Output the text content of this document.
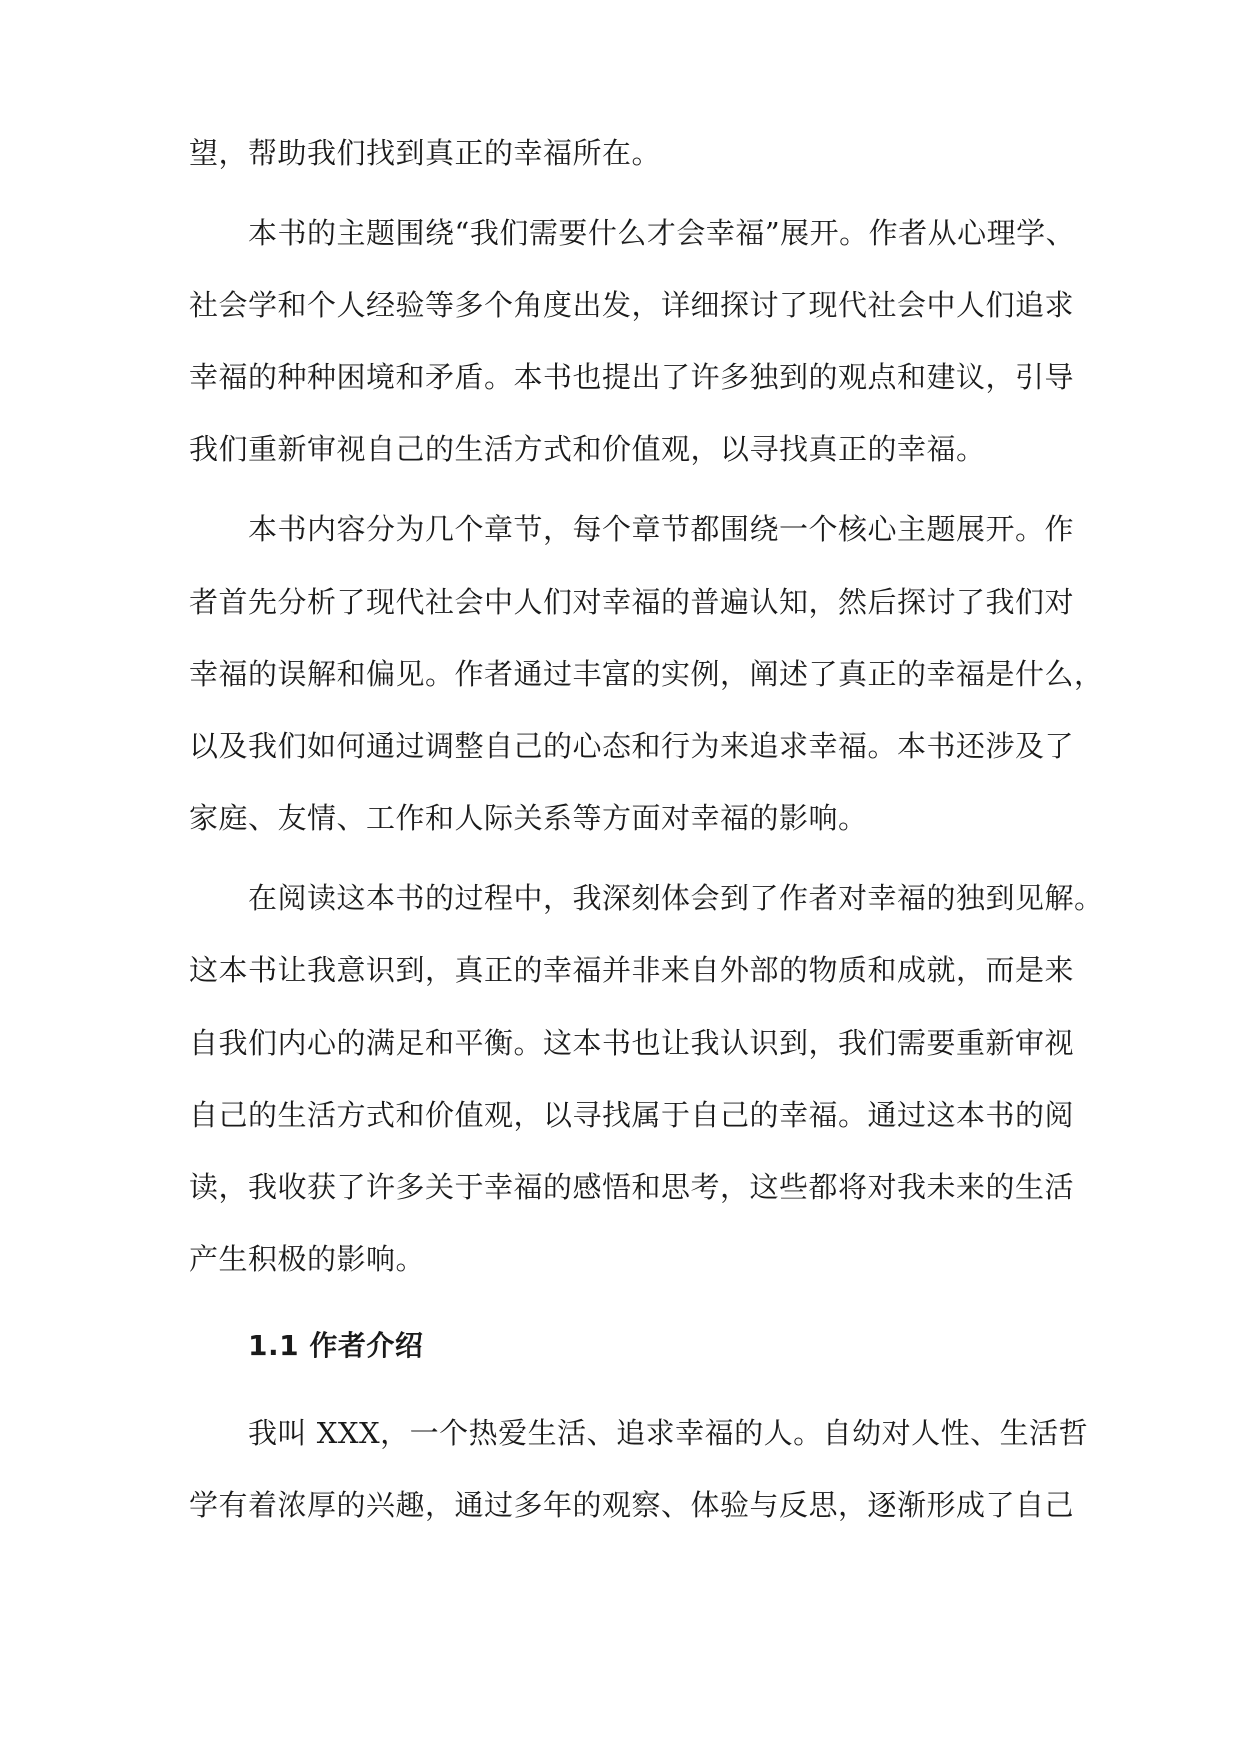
望，帮助我们找到真正的幸福所在。
本书的主题围绕“我们需要什么才会幸福”展开。作者从心理学、
社会学和个人经验等多个角度出发，详细探讨了现代社会中人们追求
幸福的种种困境和矛盾。本书也提出了许多独到的观点和建议，引导
我们重新审视自己的生活方式和价值观，以寻找真正的幸福。
本书内容分为几个章节，每个章节都围绕一个核心主题展开。作
者首先分析了现代社会中人们对幸福的普遍认知，然后探讨了我们对
幸福的误解和偏见。作者通过丰富的实例，阐述了真正的幸福是什么，
以及我们如何通过调整自己的心态和行为来追求幸福。本书还涉及了
家庭、友情、工作和人际关系等方面对幸福的影响。
在阅读这本书的过程中，我深刻体会到了作者对幸福的独到见解。
这本书让我意识到，真正的幸福并非来自外部的物质和成就，而是来
自我们内心的满足和平衡。这本书也让我认识到，我们需要重新审视
自己的生活方式和价值观，以寻找属于自己的幸福。通过这本书的阅
读，我收获了许多关于幸福的感悟和思考，这些都将对我未来的生活
产生积极的影响。
1.1 作者介绍
我叫 XXX，一个热爱生活、追求幸福的人。自幼对人性、生活哲
学有着浓厚的兴趣，通过多年的观察、体验与反思，逐渐形成了自己
